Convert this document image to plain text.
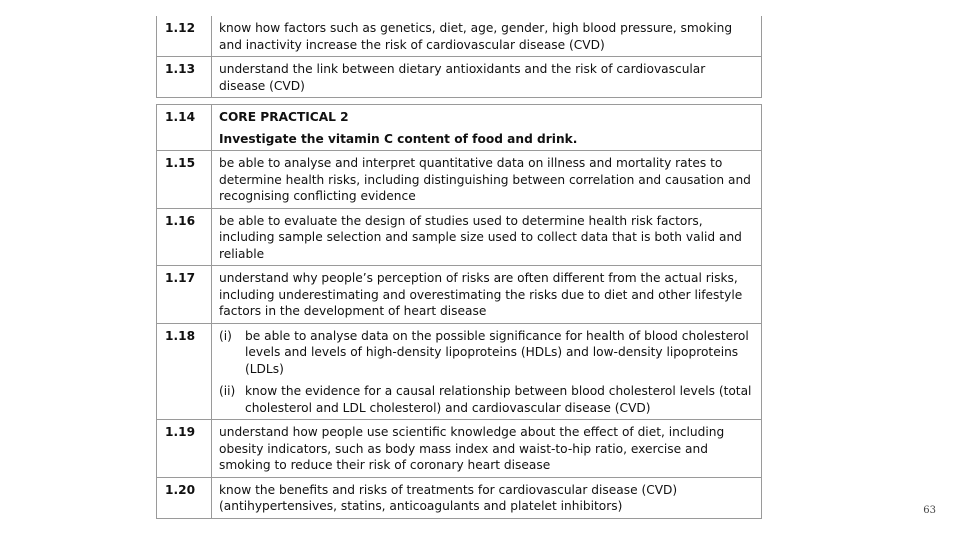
1.12	know how factors such as genetics, diet, age, gender, high blood pressure, smoking and inactivity increase the risk of cardiovascular disease (CVD)
1.13	understand the link between dietary antioxidants and the risk of cardiovascular disease (CVD)
1.14	CORE PRACTICAL 2

Investigate the vitamin C content of food and drink.

1.15	be able to analyse and interpret quantitative data on illness and mortality rates to determine health risks, including distinguishing between correlation and causation and recognising conflicting evidence
1.16	be able to evaluate the design of studies used to determine health risk factors, including sample selection and sample size used to collect data that is both valid and reliable
1.17	understand why people’s perception of risks are often different from the actual risks, including underestimating and overestimating the risks due to diet and other lifestyle factors in the development of heart disease
1.18	(i) be able to analyse data on the possible significance for health of blood cholesterol levels and levels of high-density lipoproteins (HDLs) and low-density lipoproteins (LDLs)
(ii) know the evidence for a causal relationship between blood cholesterol levels (total cholesterol and LDL cholesterol) and cardiovascular disease (CVD)

1.19	understand how people use scientific knowledge about the effect of diet, including obesity indicators, such as body mass index and waist-to-hip ratio, exercise and smoking to reduce their risk of coronary heart disease
1.20	know the benefits and risks of treatments for cardiovascular disease (CVD) (antihypertensives, statins, anticoagulants and platelet inhibitors)	63
